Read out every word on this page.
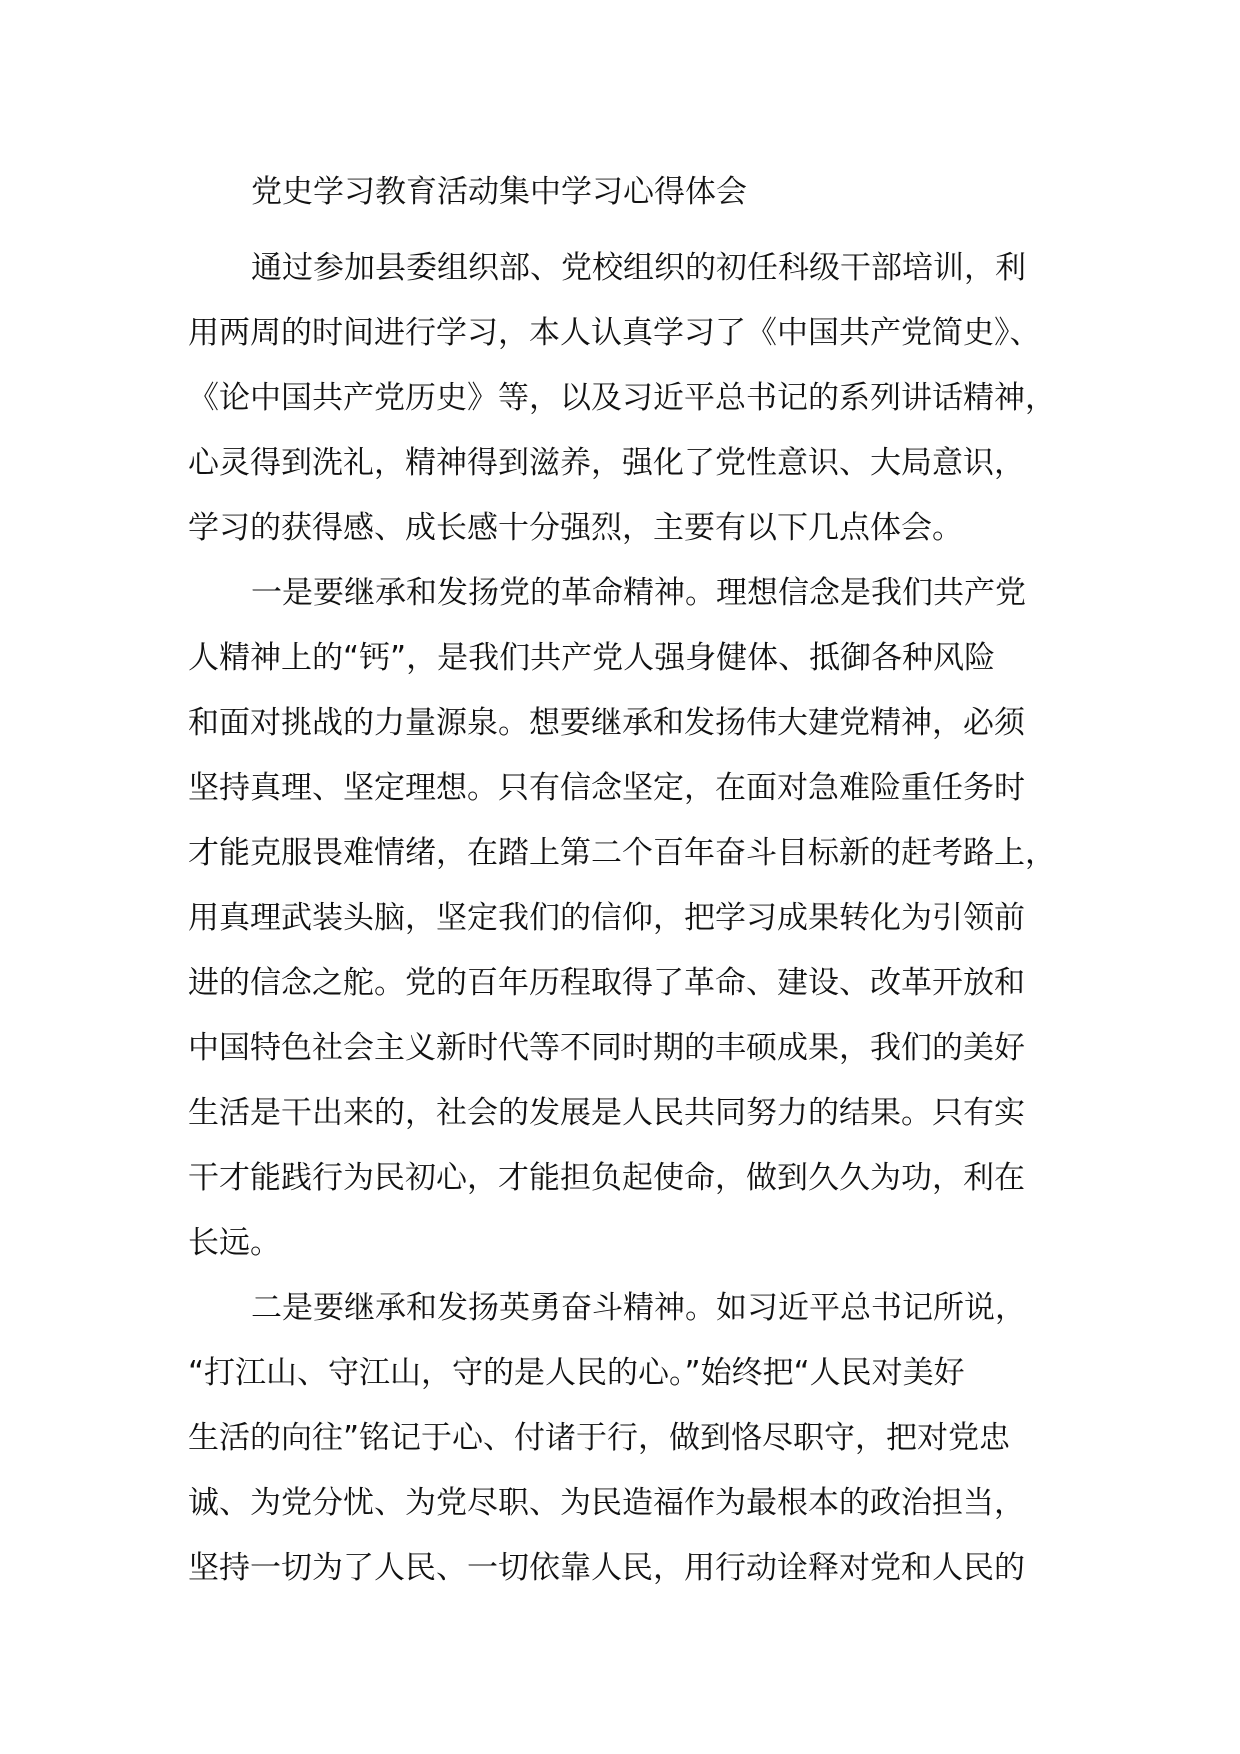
党史学习教育活动集中学习心得体会
通过参加县委组织部、党校组织的初任科级干部培训，利
用两周的时间进行学习，本人认真学习了《中国共产党简史》、
《论中国共产党历史》等，以及习近平总书记的系列讲话精神，
心灵得到洗礼，精神得到滋养，强化了党性意识、大局意识，
学习的获得感、成长感十分强烈，主要有以下几点体会。
一是要继承和发扬党的革命精神。理想信念是我们共产党
人精神上的“钙”，是我们共产党人强身健体、抵御各种风险
和面对挑战的力量源泉。想要继承和发扬伟大建党精神，必须
坚持真理、坚定理想。只有信念坚定，在面对急难险重任务时
才能克服畏难情绪，在踏上第二个百年奋斗目标新的赶考路上，
用真理武装头脑，坚定我们的信仰，把学习成果转化为引领前
进的信念之舵。党的百年历程取得了革命、建设、改革开放和
中国特色社会主义新时代等不同时期的丰硕成果，我们的美好
生活是干出来的，社会的发展是人民共同努力的结果。只有实
干才能践行为民初心，才能担负起使命，做到久久为功，利在
长远。
二是要继承和发扬英勇奋斗精神。如习近平总书记所说，
“打江山、守江山，守的是人民的心。”始终把“人民对美好
生活的向往”铭记于心、付诸于行，做到恪尽职守，把对党忠
诚、为党分忧、为党尽职、为民造福作为最根本的政治担当，
坚持一切为了人民、一切依靠人民，用行动诠释对党和人民的
